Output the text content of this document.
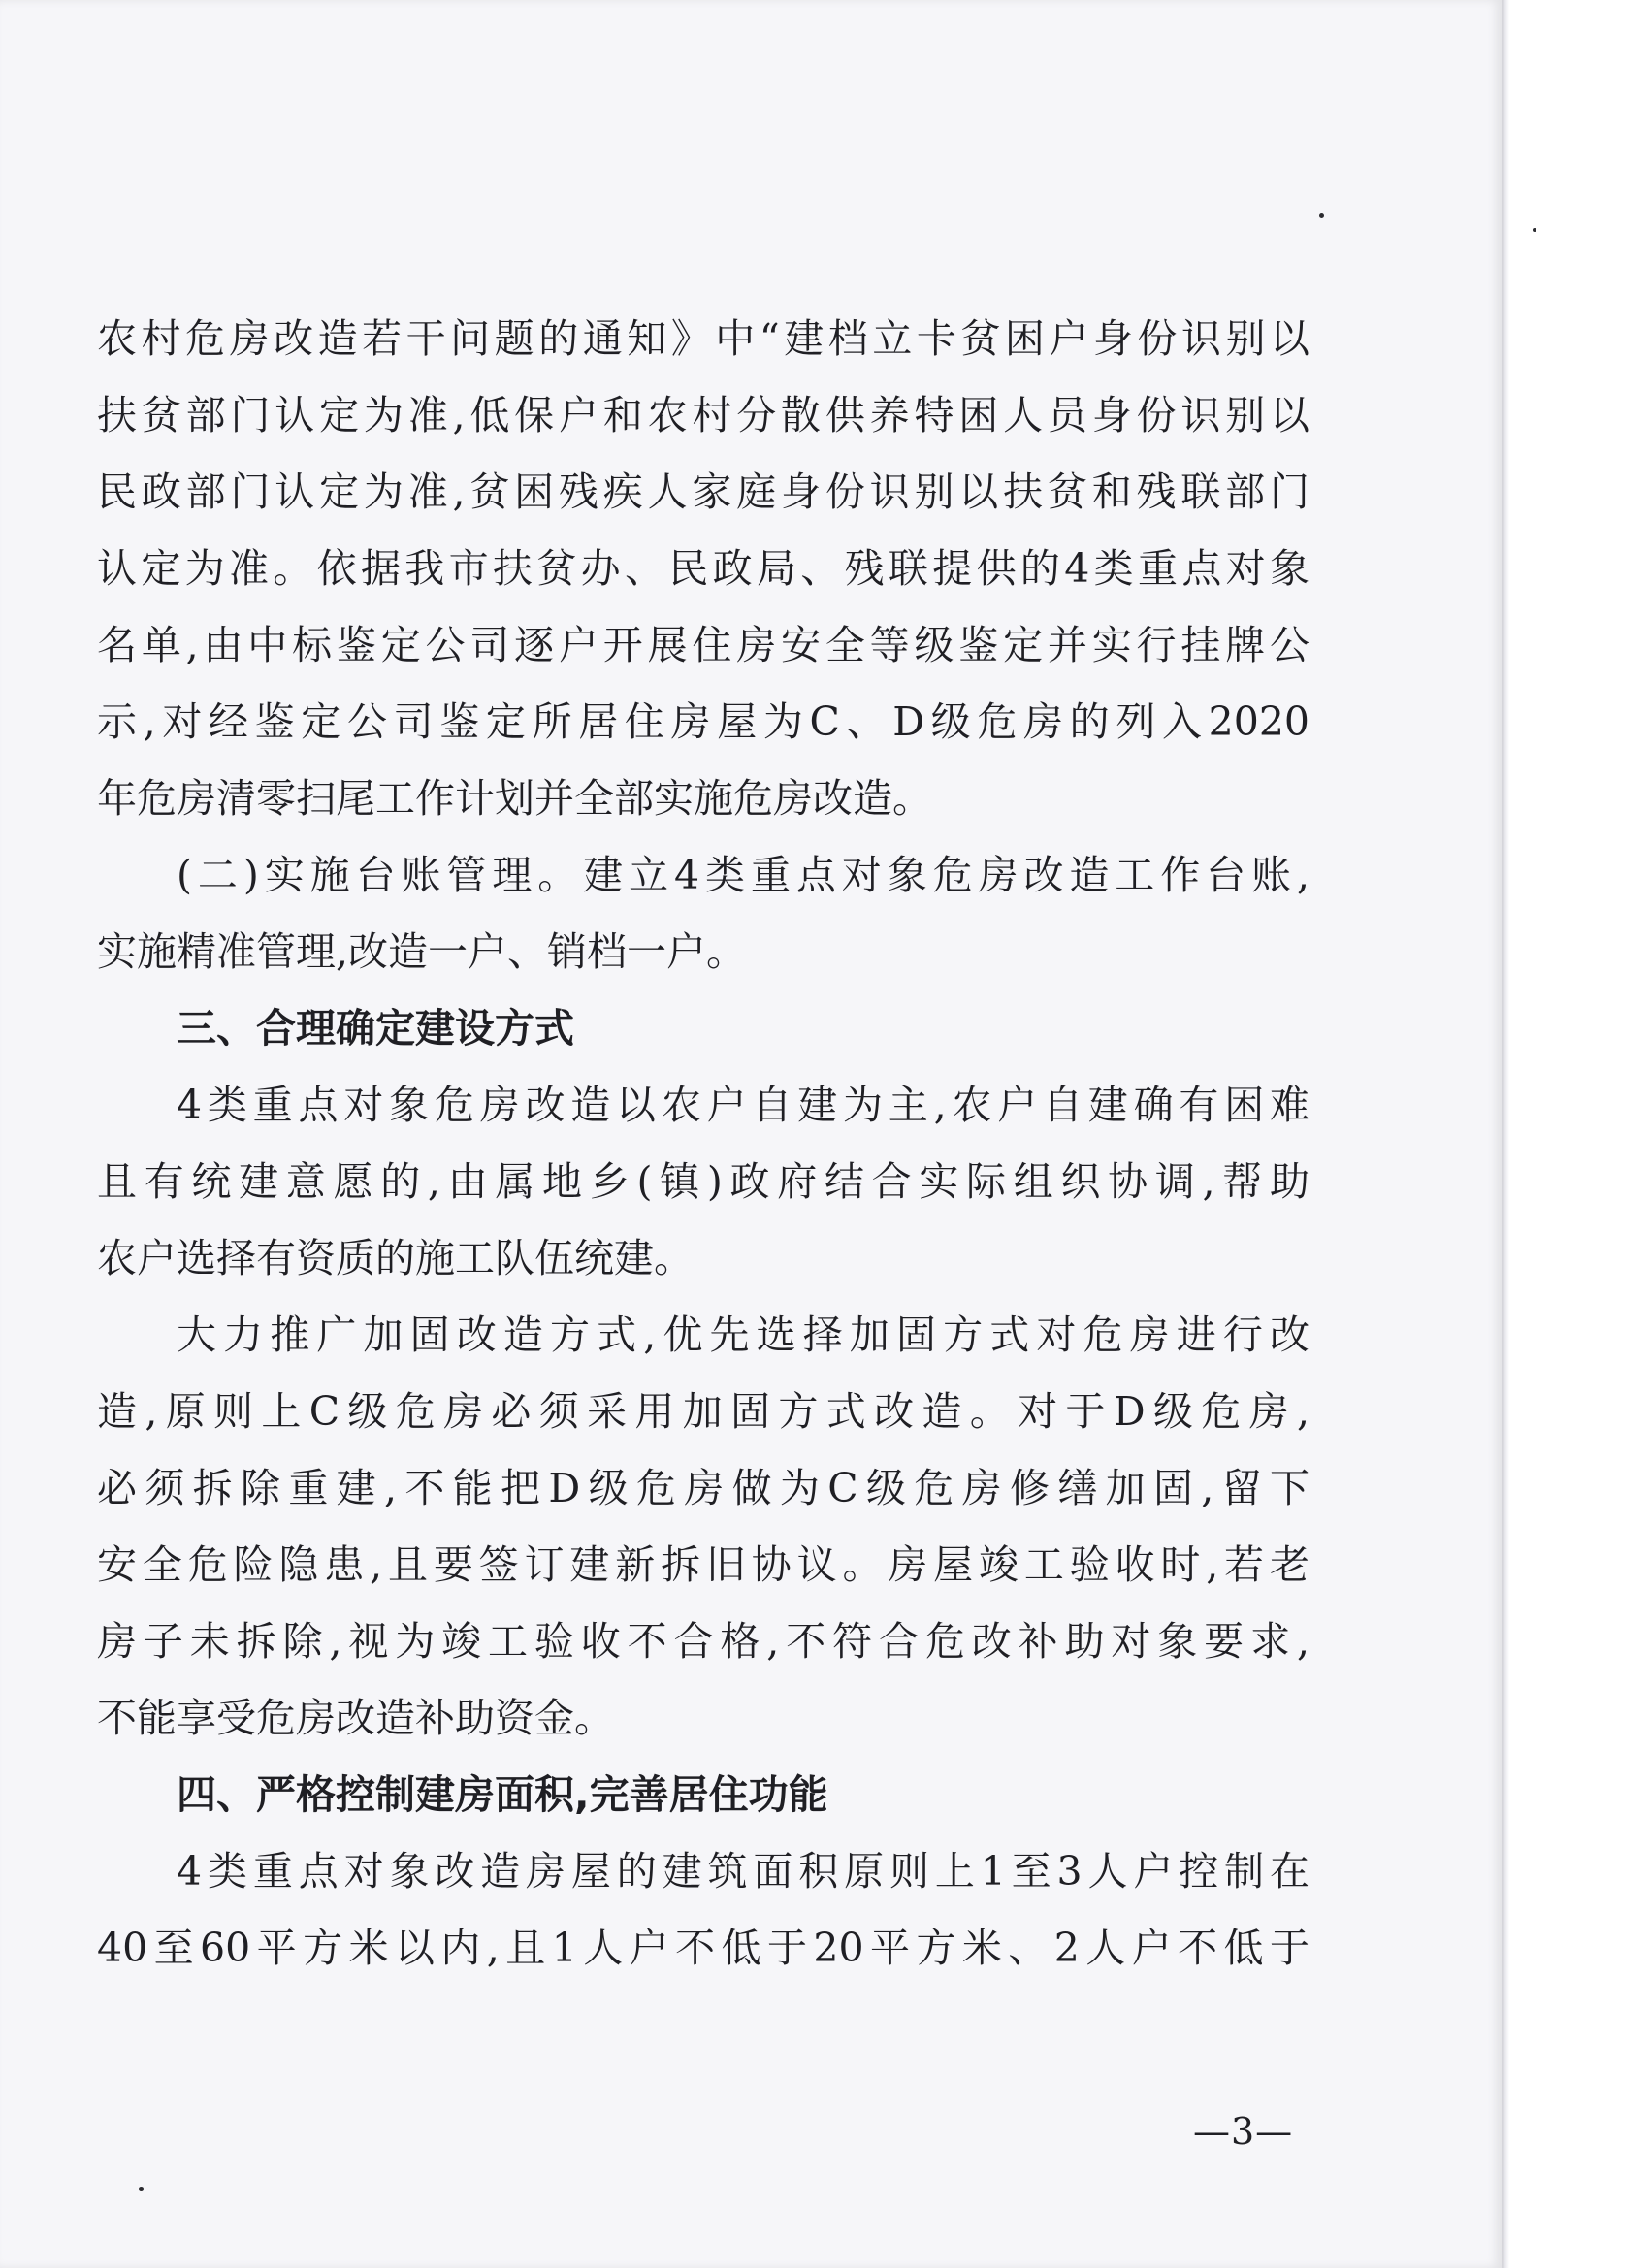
农村危房改造若干问题的通知》中“建档立卡贫困户身份识别以
扶贫部门认定为准,低保户和农村分散供养特困人员身份识别以
民政部门认定为准,贫困残疾人家庭身份识别以扶贫和残联部门
认定为准。依据我市扶贫办、民政局、残联提供的4类重点对象
名单,由中标鉴定公司逐户开展住房安全等级鉴定并实行挂牌公
示,对经鉴定公司鉴定所居住房屋为C、D级危房的列入2020
年危房清零扫尾工作计划并全部实施危房改造。
(二)实施台账管理。建立4类重点对象危房改造工作台账,
实施精准管理,改造一户、销档一户。
三、合理确定建设方式
4类重点对象危房改造以农户自建为主,农户自建确有困难
且有统建意愿的,由属地乡(镇)政府结合实际组织协调,帮助
农户选择有资质的施工队伍统建。
大力推广加固改造方式,优先选择加固方式对危房进行改
造,原则上C级危房必须采用加固方式改造。对于D级危房,
必须拆除重建,不能把D级危房做为C级危房修缮加固,留下
安全危险隐患,且要签订建新拆旧协议。房屋竣工验收时,若老
房子未拆除,视为竣工验收不合格,不符合危改补助对象要求,
不能享受危房改造补助资金。
四、严格控制建房面积,完善居住功能
4类重点对象改造房屋的建筑面积原则上1至3人户控制在
40至60平方米以内,且1人户不低于20平方米、2人户不低于
—3—
